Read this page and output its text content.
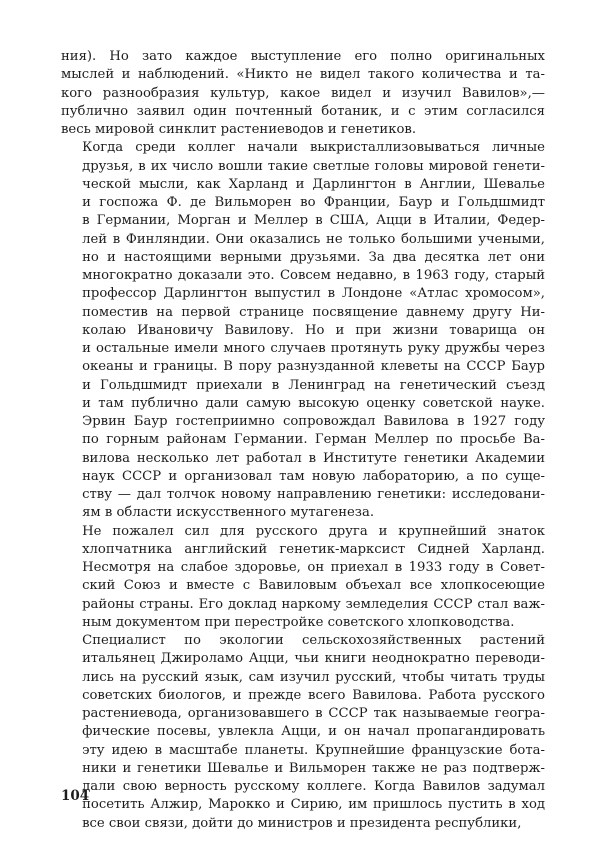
ния). Но зато каждое выступление его полно оригинальных
мыслей и наблюдений. «Никто не видел такого количества и та-
кого разнообразия культур, какое видел и изучил Вавилов»,—
публично заявил один почтенный ботаник, и с этим согласился
весь мировой синклит растениеводов и генетиков.

Когда среди коллег начали выкристаллизовываться личные
друзья, в их число вошли такие светлые головы мировой генети-
ческой мысли, как Харланд и Дарлингтон в Англии, Шевалье
и госпожа Ф. де Вильморен во Франции, Баур и Гольдшмидт
в Германии, Морган и Меллер в США, Ацци в Италии, Федер-
лей в Финляндии. Они оказались не только большими учеными,
но и настоящими верными друзьями. За два десятка лет они
многократно доказали это. Совсем недавно, в 1963 году, старый
профессор Дарлингтон выпустил в Лондоне «Атлас хромосом»,
поместив на первой странице посвящение давнему другу Ни-
колаю Ивановичу Вавилову. Но и при жизни товарища он
и остальные имели много случаев протянуть руку дружбы через
океаны и границы. В пору разнузданной клеветы на СССР Баур
и Гольдшмидт приехали в Ленинград на генетический съезд
и там публично дали самую высокую оценку советской науке.
Эрвин Баур гостеприимно сопровождал Вавилова в 1927 году
по горным районам Германии. Герман Меллер по просьбе Ва-
вилова несколько лет работал в Институте генетики Академии
наук СССР и организовал там новую лабораторию, а по суще-
ству — дал толчок новому направлению генетики: исследовани-
ям в области искусственного мутагенеза.

Не пожалел сил для русского друга и крупнейший знаток
хлопчатника английский генетик-марксист Сидней Харланд.
Несмотря на слабое здоровье, он приехал в 1933 году в Совет-
ский Союз и вместе с Вавиловым объехал все хлопкосеющие
районы страны. Его доклад наркому земледелия СССР стал важ-
ным документом при перестройке советского хлопководства.

Специалист по экологии сельскохозяйственных растений
итальянец Джироламо Ацци, чьи книги неоднократно переводи-
лись на русский язык, сам изучил русский, чтобы читать труды
советских биологов, и прежде всего Вавилова. Работа русского
растениевода, организовавшего в СССР так называемые геогра-
фические посевы, увлекла Ацци, и он начал пропагандировать
эту идею в масштабе планеты. Крупнейшие французские бота-
ники и генетики Шевалье и Вильморен также не раз подтверж-
дали свою верность русскому коллеге. Когда Вавилов задумал
посетить Алжир, Марокко и Сирию, им пришлось пустить в ход
все свои связи, дойти до министров и президента республики,

104
